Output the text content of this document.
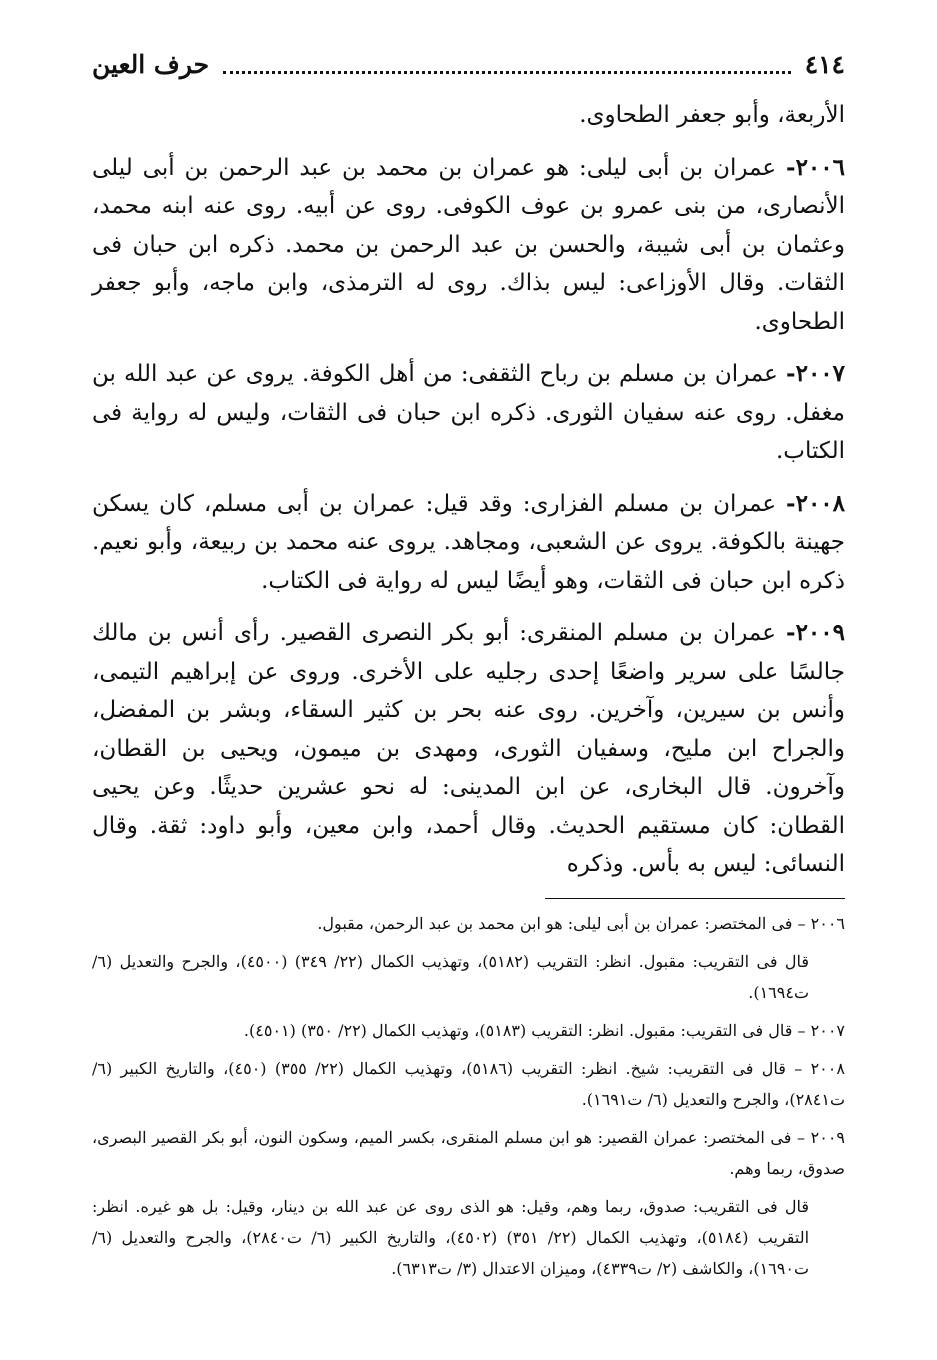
٤١٤
حرف العين

الأربعة، وأبو جعفر الطحاوى.

٢٠٠٦- عمران بن أبى ليلى: هو عمران بن محمد بن عبد الرحمن بن أبى ليلى الأنصارى، من بنى عمرو بن عوف الكوفى. روى عن أبيه. روى عنه ابنه محمد، وعثمان بن أبى شيبة، والحسن بن عبد الرحمن بن محمد. ذكره ابن حبان فى الثقات. وقال الأوزاعى: ليس بذاك. روى له الترمذى، وابن ماجه، وأبو جعفر الطحاوى.

٢٠٠٧- عمران بن مسلم بن رباح الثقفى: من أهل الكوفة. يروى عن عبد الله بن مغفل. روى عنه سفيان الثورى. ذكره ابن حبان فى الثقات، وليس له رواية فى الكتاب.

٢٠٠٨- عمران بن مسلم الفزارى: وقد قيل: عمران بن أبى مسلم، كان يسكن جهينة بالكوفة. يروى عن الشعبى، ومجاهد. يروى عنه محمد بن ربيعة، وأبو نعيم. ذكره ابن حبان فى الثقات، وهو أيضًا ليس له رواية فى الكتاب.

٢٠٠٩- عمران بن مسلم المنقرى: أبو بكر النصرى القصير. رأى أنس بن مالك جالسًا على سرير واضعًا إحدى رجليه على الأخرى. وروى عن إبراهيم التيمى، وأنس بن سيرين، وآخرين. روى عنه بحر بن كثير السقاء، وبشر بن المفضل، والجراح ابن مليح، وسفيان الثورى، ومهدى بن ميمون، ويحيى بن القطان، وآخرون. قال البخارى، عن ابن المدينى: له نحو عشرين حديثًا. وعن يحيى القطان: كان مستقيم الحديث. وقال أحمد، وابن معين، وأبو داود: ثقة. وقال النسائى: ليس به بأس. وذكره

٢٠٠٦ – فى المختصر: عمران بن أبى ليلى: هو ابن محمد بن عبد الرحمن، مقبول.

قال فى التقريب: مقبول. انظر: التقريب (٥١٨٢)، وتهذيب الكمال (٢٢/ ٣٤٩) (٤٥٠٠)، والجرح والتعديل (٦/ ت١٦٩٤).

٢٠٠٧ – قال فى التقريب: مقبول. انظر: التقريب (٥١٨٣)، وتهذيب الكمال (٢٢/ ٣٥٠) (٤٥٠١).

٢٠٠٨ – قال فى التقريب: شيخ. انظر: التقريب (٥١٨٦)، وتهذيب الكمال (٢٢/ ٣٥٥) (٤٥٠)، والتاريخ الكبير (٦/ ت٢٨٤١)، والجرح والتعديل (٦/ ت١٦٩١).

٢٠٠٩ – فى المختصر: عمران القصير: هو ابن مسلم المنقرى، بكسر الميم، وسكون النون، أبو بكر القصير البصرى، صدوق، ربما وهم.

قال فى التقريب: صدوق، ربما وهم، وقيل: هو الذى روى عن عبد الله بن دينار، وقيل: بل هو غيره. انظر: التقريب (٥١٨٤)، وتهذيب الكمال (٢٢/ ٣٥١) (٤٥٠٢)، والتاريخ الكبير (٦/ ت٢٨٤٠)، والجرح والتعديل (٦/ ت١٦٩٠)، والكاشف (٢/ ت٤٣٣٩)، وميزان الاعتدال (٣/ ت٦٣١٣).
